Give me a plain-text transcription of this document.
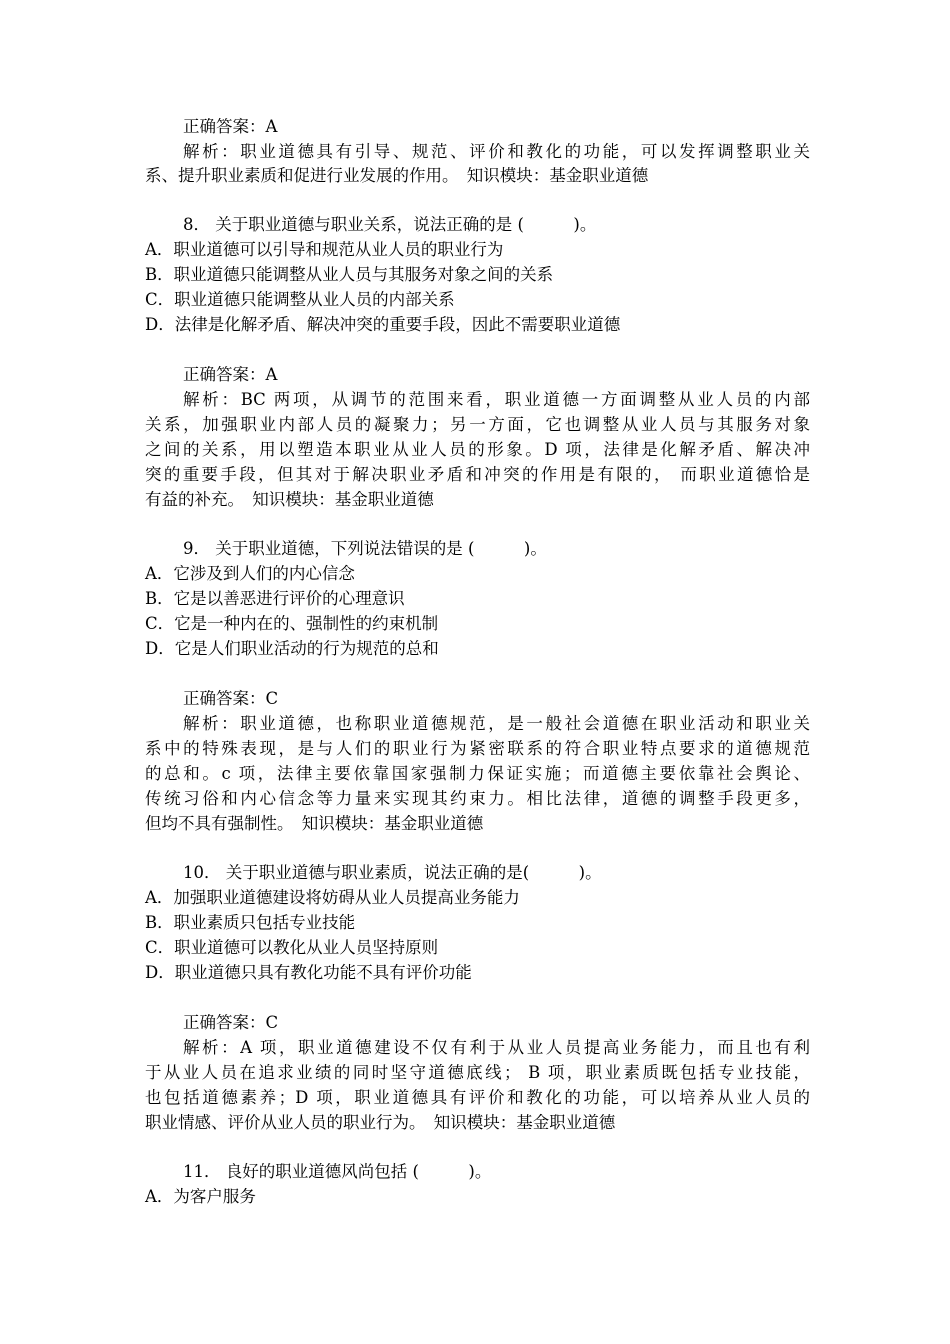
正确答案：A
解析：职业道德具有引导、规范、评价和教化的功能，可以发挥调整职业关
系、提升职业素质和促进行业发展的作用。　知识模块：基金职业道德
8． 关于职业道德与职业关系，说法正确的是 (　　　)。
A．职业道德可以引导和规范从业人员的职业行为
B．职业道德只能调整从业人员与其服务对象之间的关系
C．职业道德只能调整从业人员的内部关系
D．法律是化解矛盾、解决冲突的重要手段，因此不需要职业道德
正确答案：A
解析：BC 两项，从调节的范围来看，职业道德一方面调整从业人员的内部
关系，加强职业内部人员的凝聚力；另一方面，它也调整从业人员与其服务对象
之间的关系，用以塑造本职业从业人员的形象。D 项，法律是化解矛盾、解决冲
突的重要手段，但其对于解决职业矛盾和冲突的作用是有限的， 而职业道德恰是
有益的补充。　知识模块：基金职业道德
9． 关于职业道德，下列说法错误的是 (　　　)。
A．它涉及到人们的内心信念
B．它是以善恶进行评价的心理意识
C．它是一种内在的、强制性的约束机制
D．它是人们职业活动的行为规范的总和
正确答案：C
解析：职业道德，也称职业道德规范，是一般社会道德在职业活动和职业关
系中的特殊表现，是与人们的职业行为紧密联系的符合职业特点要求的道德规范
的总和。c 项，法律主要依靠国家强制力保证实施；而道德主要依靠社会舆论、
传统习俗和内心信念等力量来实现其约束力。相比法律，道德的调整手段更多，
但均不具有强制性。　知识模块：基金职业道德
10． 关于职业道德与职业素质，说法正确的是(　　　)。
A．加强职业道德建设将妨碍从业人员提高业务能力
B．职业素质只包括专业技能
C．职业道德可以教化从业人员坚持原则
D．职业道德只具有教化功能不具有评价功能
正确答案：C
解析：A 项，职业道德建设不仅有利于从业人员提高业务能力，而且也有利
于从业人员在追求业绩的同时坚守道德底线； B 项，职业素质既包括专业技能，
也包括道德素养；D 项，职业道德具有评价和教化的功能，可以培养从业人员的
职业情感、评价从业人员的职业行为。　知识模块：基金职业道德
11． 良好的职业道德风尚包括 (　　　)。
A．为客户服务
